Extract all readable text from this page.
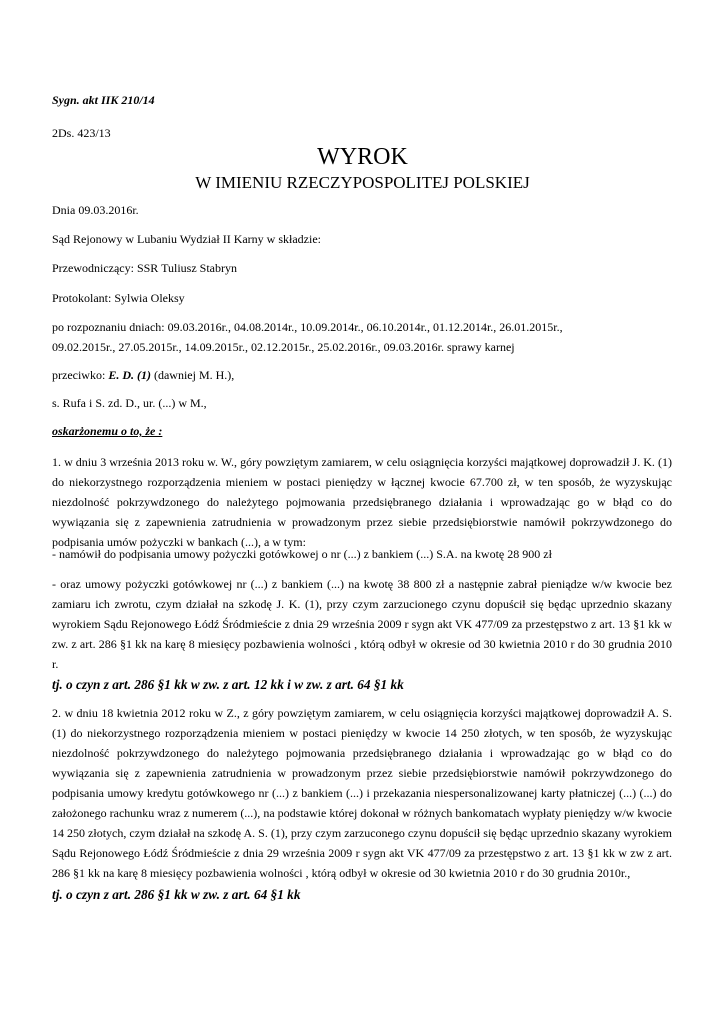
Sygn. akt IIK 210/14

2Ds. 423/13

WYROK

W IMIENIU RZECZYPOSPOLITEJ POLSKIEJ

Dnia 09.03.2016r.

Sąd Rejonowy w Lubaniu Wydział II Karny w składzie:

Przewodniczący: SSR Tuliusz Stabryn

Protokolant: Sylwia Oleksy

po rozpoznaniu dniach: 09.03.2016r., 04.08.2014r., 10.09.2014r., 06.10.2014r., 01.12.2014r., 26.01.2015r.,

09.02.2015r., 27.05.2015r., 14.09.2015r., 02.12.2015r., 25.02.2016r., 09.03.2016r. sprawy karnej

przeciwko: E. D. (1) (dawniej M. H.),

s. Rufa i S. zd. D., ur. (...) w M.,

oskarżonemu o to, że :

1. w dniu 3 września 2013 roku w. W., góry powziętym zamiarem, w celu osiągnięcia korzyści majątkowej doprowadził J. K. (1) do niekorzystnego rozporządzenia mieniem w postaci pieniędzy w łącznej kwocie 67.700 zł, w ten sposób, że wyzyskując niezdolność pokrzywdzonego do należytego pojmowania przedsiębranego działania i wprowadzając go w błąd co do wywiązania się z zapewnienia zatrudnienia w prowadzonym przez siebie przedsiębiorstwie namówił pokrzywdzonego do podpisania umów pożyczki w bankach (...), a w tym:

- namówił do podpisania umowy pożyczki gotówkowej o nr (...) z bankiem (...) S.A. na kwotę 28 900 zł

- oraz umowy pożyczki gotówkowej nr (...) z bankiem (...) na kwotę 38 800 zł a następnie zabrał pieniądze w/w kwocie bez zamiaru ich zwrotu, czym działał na szkodę J. K. (1), przy czym zarzucionego czynu dopuścił się będąc uprzednio skazany wyrokiem Sądu Rejonowego Łódź Śródmieście z dnia 29 września 2009 r sygn akt VK 477/09 za przestępstwo z art. 13 §1 kk w zw. z art. 286 §1 kk na karę 8 miesięcy pozbawienia wolności , którą odbył w okresie od 30 kwietnia 2010 r do 30 grudnia 2010 r.

tj. o czyn z art. 286 §1 kk w zw. z art. 12 kk i w zw. z art. 64 §1 kk

2. w dniu 18 kwietnia 2012 roku w Z., z góry powziętym zamiarem, w celu osiągnięcia korzyści majątkowej doprowadził A. S. (1) do niekorzystnego rozporządzenia mieniem w postaci pieniędzy w kwocie 14 250 złotych, w ten sposób, że wyzyskując niezdolność pokrzywdzonego do należytego pojmowania przedsiębranego działania i wprowadzając go w błąd co do wywiązania się z zapewnienia zatrudnienia w prowadzonym przez siebie przedsiębiorstwie namówił pokrzywdzonego do podpisania umowy kredytu gotówkowego nr (...) z bankiem (...) i przekazania niespersonalizowanej karty płatniczej (...) (...) do założonego rachunku wraz z numerem (...), na podstawie której dokonał w różnych bankomatach wypłaty pieniędzy w/w kwocie 14 250 złotych, czym działał na szkodę A. S. (1), przy czym zarzuconego czynu dopuścił się będąc uprzednio skazany wyrokiem Sądu Rejonowego Łódź Śródmieście z dnia 29 września 2009 r sygn akt VK 477/09 za przestępstwo z art. 13 §1 kk w zw z art. 286 §1 kk na karę 8 miesięcy pozbawienia wolności , którą odbył w okresie od 30 kwietnia 2010 r do 30 grudnia 2010r.,

tj. o czyn z art. 286 §1 kk w zw. z art. 64 §1 kk
